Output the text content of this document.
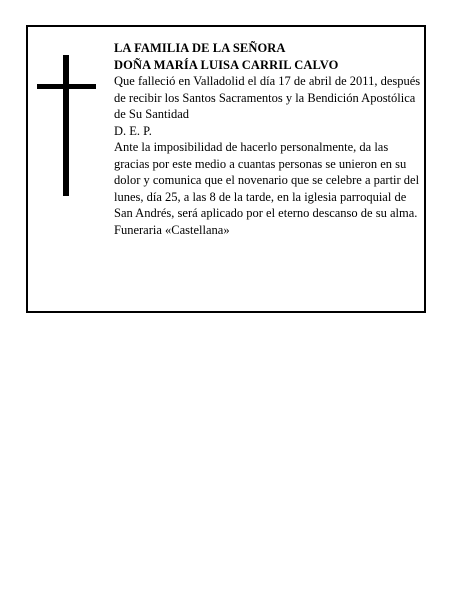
LA FAMILIA DE LA SEÑORA

DOÑA MARÍA LUISA CARRIL CALVO

Que falleció en Valladolid el día 17 de abril de 2011, después de recibir los Santos Sacramentos y la Bendición Apostólica de Su Santidad

D. E. P.

Ante la imposibilidad de hacerlo personalmente, da las gracias por este medio a cuantas personas se unieron en su dolor y comunica que el novenario que se celebre a partir del lunes, día 25, a las 8 de la tarde, en la iglesia parroquial de San Andrés, será aplicado por el eterno descanso de su alma.

Funeraria «Castellana»
